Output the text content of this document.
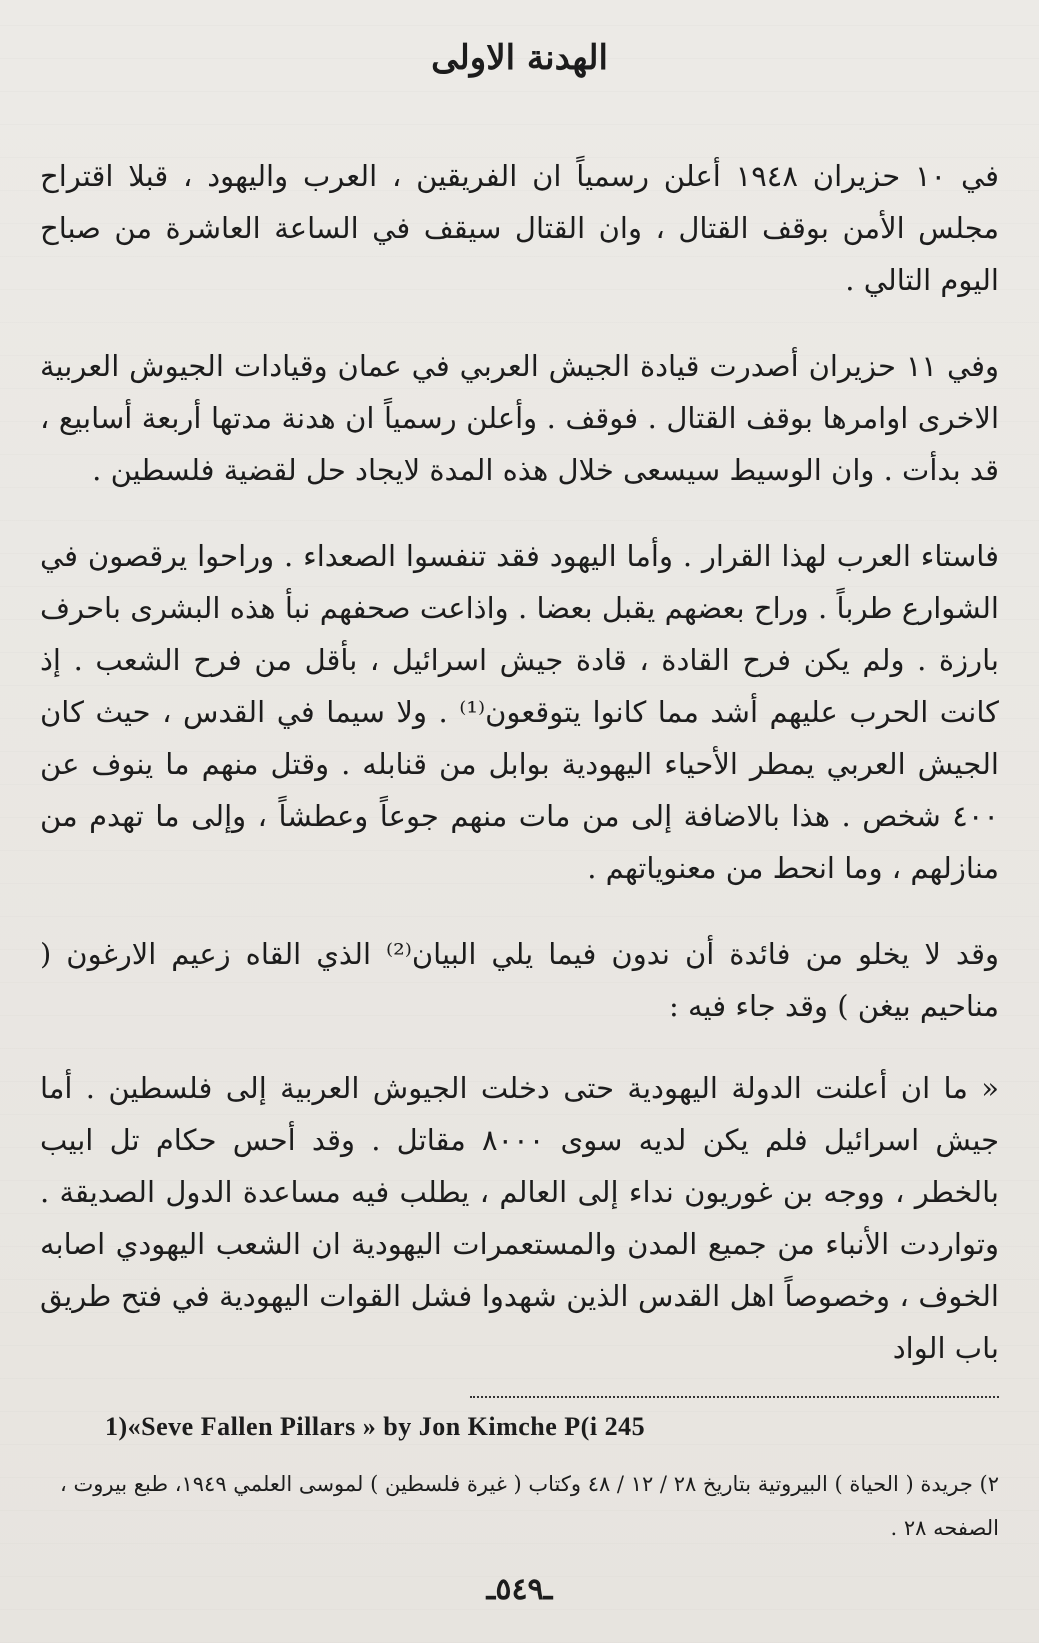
الهدنة الاولى

في ١٠ حزيران ١٩٤٨ أعلن رسمياً ان الفريقين ، العرب واليهود ، قبلا اقتراح مجلس الأمن بوقف القتال ، وان القتال سيقف في الساعة العاشرة من صباح اليوم التالي .

وفي ١١ حزيران أصدرت قيادة الجيش العربي في عمان وقيادات الجيوش العربية الاخرى اوامرها بوقف القتال . فوقف . وأعلن رسمياً ان هدنة مدتها أربعة أسابيع ، قد بدأت . وان الوسيط سيسعى خلال هذه المدة لايجاد حل لقضية فلسطين .

فاستاء العرب لهذا القرار . وأما اليهود فقد تنفسوا الصعداء . وراحوا يرقصون في الشوارع طرباً . وراح بعضهم يقبل بعضا . واذاعت صحفهم نبأ هذه البشرى باحرف بارزة . ولم يكن فرح القادة ، قادة جيش اسرائيل ، بأقل من فرح الشعب . إذ كانت الحرب عليهم أشد مما كانوا يتوقعون⁽¹⁾ . ولا سيما في القدس ، حيث كان الجيش العربي يمطر الأحياء اليهودية بوابل من قنابله . وقتل منهم ما ينوف عن ٤٠٠ شخص . هذا بالاضافة إلى من مات منهم جوعاً وعطشاً ، وإلى ما تهدم من منازلهم ، وما انحط من معنوياتهم .

وقد لا يخلو من فائدة أن ندون فيما يلي البيان⁽²⁾ الذي القاه زعيم الارغون ( مناحيم بيغن ) وقد جاء فيه :

« ما ان أعلنت الدولة اليهودية حتى دخلت الجيوش العربية إلى فلسطين . أما جيش اسرائيل فلم يكن لديه سوى ٨٠٠٠ مقاتل . وقد أحس حكام تل ابيب بالخطر ، ووجه بن غوريون نداء إلى العالم ، يطلب فيه مساعدة الدول الصديقة . وتواردت الأنباء من جميع المدن والمستعمرات اليهودية ان الشعب اليهودي اصابه الخوف ، وخصوصاً اهل القدس الذين شهدوا فشل القوات اليهودية في فتح طريق باب الواد

1)«Seve Fallen Pillars » by Jon Kimche P(i 245
٢) جريدة ( الحياة ) البيروتية بتاريخ ٢٨ / ١٢ / ٤٨ وكتاب ( غيرة فلسطين ) لموسى العلمي ١٩٤٩، طبع بيروت ، الصفحه ٢٨ .
ـ٥٤٩ـ
